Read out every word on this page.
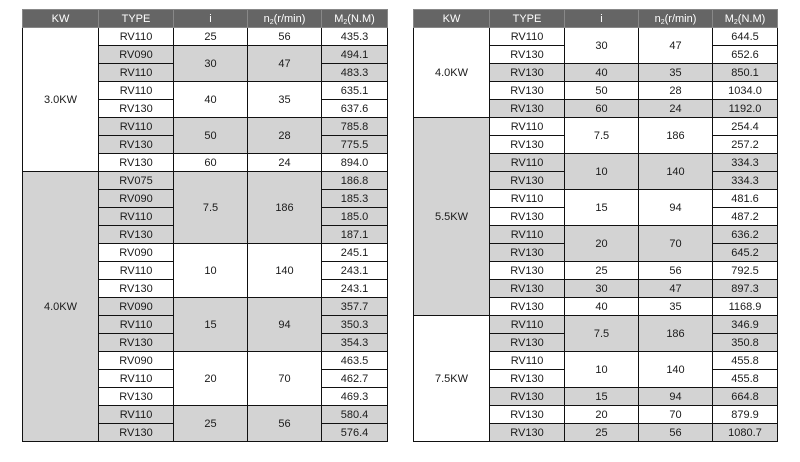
KW	TYPE	i	$n_2(r/\min)$	$M_2(N.M)$
3.0KW	RV110	25	56	435.3
	RV090	30	47	494.1
	RV110			483.3
	RV110	40	35	635.1
	RV130			637.6
	RV110	50	28	785.8
	RV130			775.5
	RV130	60	24	894.0
4.0KW	RV075	7.5	186	186.8
	RV090			185.3
	RV110			185.0
	RV130			187.1
	RV090	10	140	245.1
	RV110			243.1
	RV130			243.1
	RV090	15	94	357.7
	RV110			350.3
	RV130			354.3
	RV090	20	70	463.5
	RV110			462.7
	RV130			469.3
	RV110	25	56	580.4
	RV130			576.4
KW	TYPE	i	$n_2(r/\min)$	$M_2(N.M)$
4.0KW	RV110	30	47	644.5
	RV130			652.6
	RV130	40	35	850.1
	RV130	50	28	1034.0
	RV130	60	24	1192.0
5.5KW	RV110	7.5	186	254.4
	RV130			257.2
	RV110	10	140	334.3
	RV130			334.3
	RV110	15	94	481.6
	RV130			487.2
	RV110	20	70	636.2
	RV130			645.2
	RV130	25	56	792.5
	RV130	30	47	897.3
	RV130	40	35	1168.9
7.5KW	RV110	7.5	186	346.9
	RV130			350.8
	RV110	10	140	455.8
	RV130			455.8
	RV130	15	94	664.8
	RV130	20	70	879.9
	RV130	25	56	1080.7
